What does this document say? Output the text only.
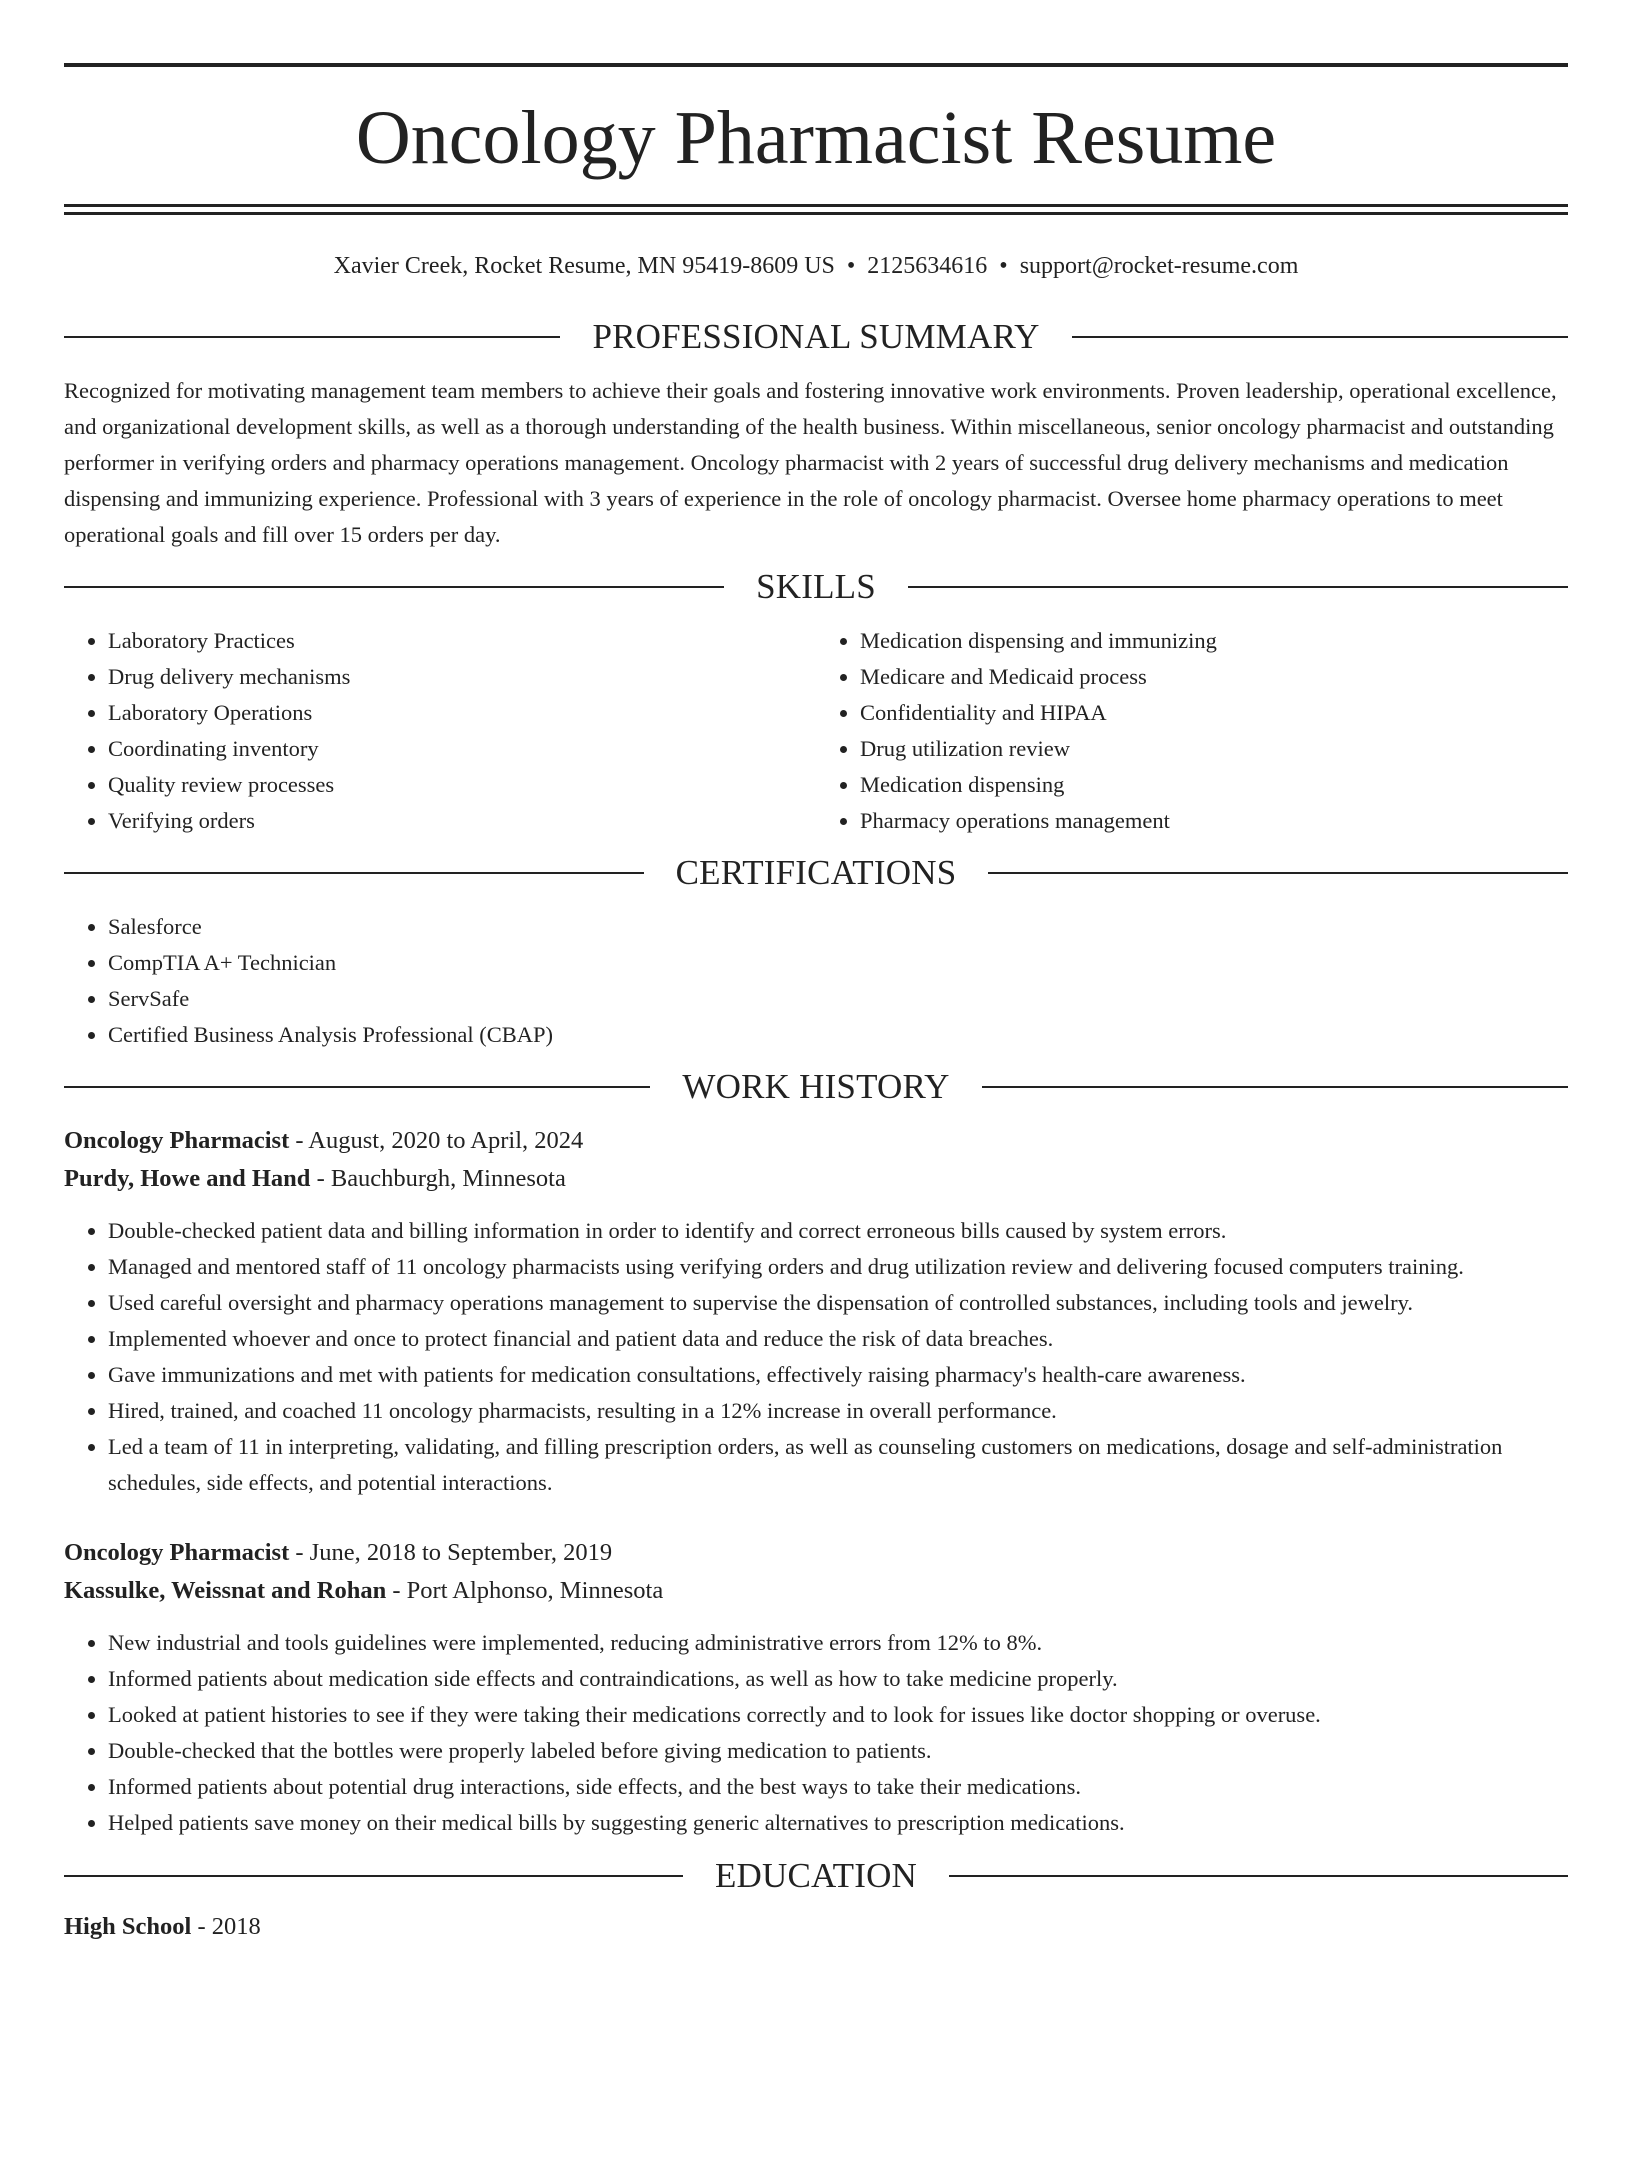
Oncology Pharmacist Resume
Xavier Creek, Rocket Resume, MN 95419-8609 US • 2125634616 • support@rocket-resume.com
PROFESSIONAL SUMMARY

Recognized for motivating management team members to achieve their goals and fostering innovative work environments. Proven leadership, operational excellence, and organizational development skills, as well as a thorough understanding of the health business. Within miscellaneous, senior oncology pharmacist and outstanding performer in verifying orders and pharmacy operations management. Oncology pharmacist with 2 years of successful drug delivery mechanisms and medication dispensing and immunizing experience. Professional with 3 years of experience in the role of oncology pharmacist. Oversee home pharmacy operations to meet operational goals and fill over 15 orders per day.

SKILLS
• Laboratory Practices
• Drug delivery mechanisms
• Laboratory Operations
• Coordinating inventory
• Quality review processes
• Verifying orders
• Medication dispensing and immunizing
• Medicare and Medicaid process
• Confidentiality and HIPAA
• Drug utilization review
• Medication dispensing
• Pharmacy operations management
CERTIFICATIONS
• Salesforce
• CompTIA A+ Technician
• ServSafe
• Certified Business Analysis Professional (CBAP)
WORK HISTORY
Oncology Pharmacist - August, 2020 to April, 2024
Purdy, Howe and Hand - Bauchburgh, Minnesota
• Double-checked patient data and billing information in order to identify and correct erroneous bills caused by system errors.
• Managed and mentored staff of 11 oncology pharmacists using verifying orders and drug utilization review and delivering focused computers training.
• Used careful oversight and pharmacy operations management to supervise the dispensation of controlled substances, including tools and jewelry.
• Implemented whoever and once to protect financial and patient data and reduce the risk of data breaches.
• Gave immunizations and met with patients for medication consultations, effectively raising pharmacy's health-care awareness.
• Hired, trained, and coached 11 oncology pharmacists, resulting in a 12% increase in overall performance.
• Led a team of 11 in interpreting, validating, and filling prescription orders, as well as counseling customers on medications, dosage and self-administration schedules, side effects, and potential interactions.
Oncology Pharmacist - June, 2018 to September, 2019
Kassulke, Weissnat and Rohan - Port Alphonso, Minnesota
• New industrial and tools guidelines were implemented, reducing administrative errors from 12% to 8%.
• Informed patients about medication side effects and contraindications, as well as how to take medicine properly.
• Looked at patient histories to see if they were taking their medications correctly and to look for issues like doctor shopping or overuse.
• Double-checked that the bottles were properly labeled before giving medication to patients.
• Informed patients about potential drug interactions, side effects, and the best ways to take their medications.
• Helped patients save money on their medical bills by suggesting generic alternatives to prescription medications.
EDUCATION
High School - 2018
